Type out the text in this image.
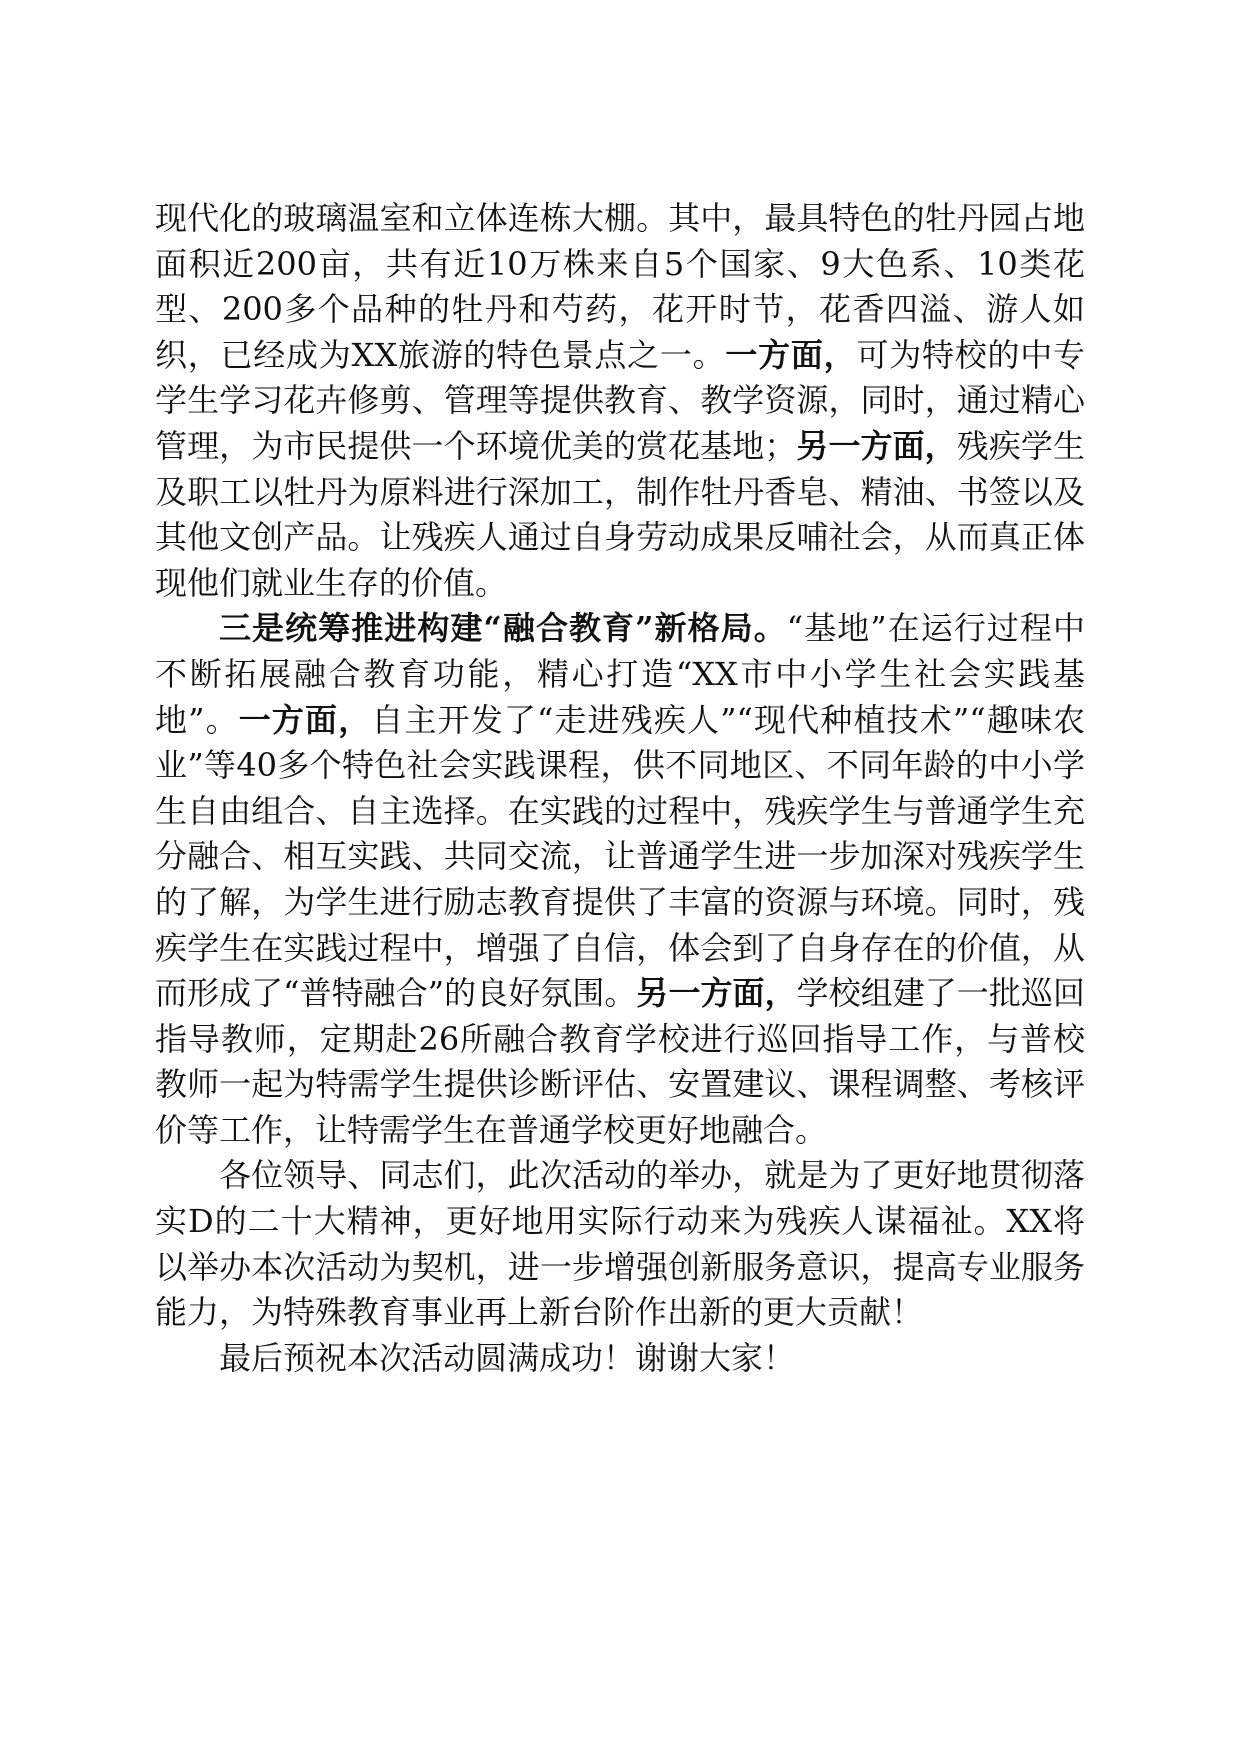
现代化的玻璃温室和立体连栋大棚。其中，最具特色的牡丹园占地面积近200亩，共有近10万株来自5个国家、9大色系、10类花型、200多个品种的牡丹和芍药，花开时节，花香四溢、游人如织，已经成为XX旅游的特色景点之一。一方面，可为特校的中专学生学习花卉修剪、管理等提供教育、教学资源，同时，通过精心管理，为市民提供一个环境优美的赏花基地；另一方面，残疾学生及职工以牡丹为原料进行深加工，制作牡丹香皂、精油、书签以及其他文创产品。让残疾人通过自身劳动成果反哺社会，从而真正体现他们就业生存的价值。

三是统筹推进构建“融合教育”新格局。“基地”在运行过程中不断拓展融合教育功能，精心打造“XX市中小学生社会实践基地”。一方面，自主开发了“走进残疾人”“现代种植技术”“趣味农业”等40多个特色社会实践课程，供不同地区、不同年龄的中小学生自由组合、自主选择。在实践的过程中，残疾学生与普通学生充分融合、相互实践、共同交流，让普通学生进一步加深对残疾学生的了解，为学生进行励志教育提供了丰富的资源与环境。同时，残疾学生在实践过程中，增强了自信，体会到了自身存在的价值，从而形成了“普特融合”的良好氛围。另一方面，学校组建了一批巡回指导教师，定期赴26所融合教育学校进行巡回指导工作，与普校教师一起为特需学生提供诊断评估、安置建议、课程调整、考核评价等工作，让特需学生在普通学校更好地融合。

各位领导、同志们，此次活动的举办，就是为了更好地贯彻落实D的二十大精神，更好地用实际行动来为残疾人谋福祉。XX将以举办本次活动为契机，进一步增强创新服务意识，提高专业服务能力，为特殊教育事业再上新台阶作出新的更大贡献！

最后预祝本次活动圆满成功！谢谢大家！
